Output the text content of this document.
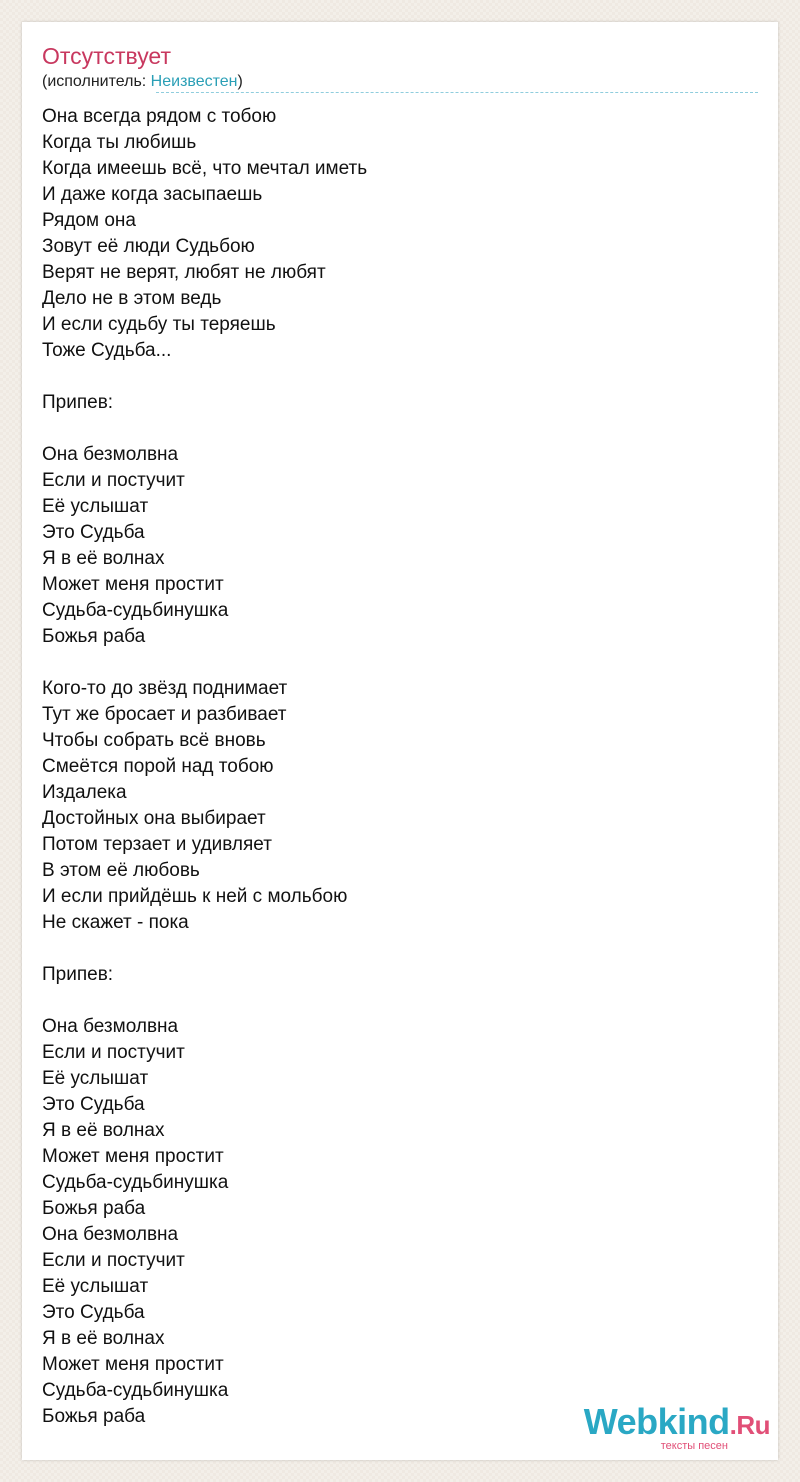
Отсутствует
(исполнитель: Неизвестен)
Она всегда рядом с тобою
Когда ты любишь
Когда имеешь всё, что мечтал иметь
И даже когда засыпаешь
Рядом она
Зовут её люди Судьбою
Верят не верят, любят не любят
Дело не в этом ведь
И если судьбу ты теряешь
Тоже Судьба...
Припев:
Она безмолвна
Если и постучит
Её услышат
Это Судьба
Я в её волнах
Может меня простит
Судьба-судьбинушка
Божья раба
Кого-то до звёзд поднимает
Тут же бросает и разбивает
Чтобы собрать всё вновь
Смеётся порой над тобою
Издалека
Достойных она выбирает
Потом терзает и удивляет
В этом её любовь
И если прийдёшь к ней с мольбою
Не скажет - пока
Припев:
Она безмолвна
Если и постучит
Её услышат
Это Судьба
Я в её волнах
Может меня простит
Судьба-судьбинушка
Божья раба
Она безмолвна
Если и постучит
Её услышат
Это Судьба
Я в её волнах
Может меня простит
Судьба-судьбинушка
Божья раба	Webkind.Ru
тексты песен
